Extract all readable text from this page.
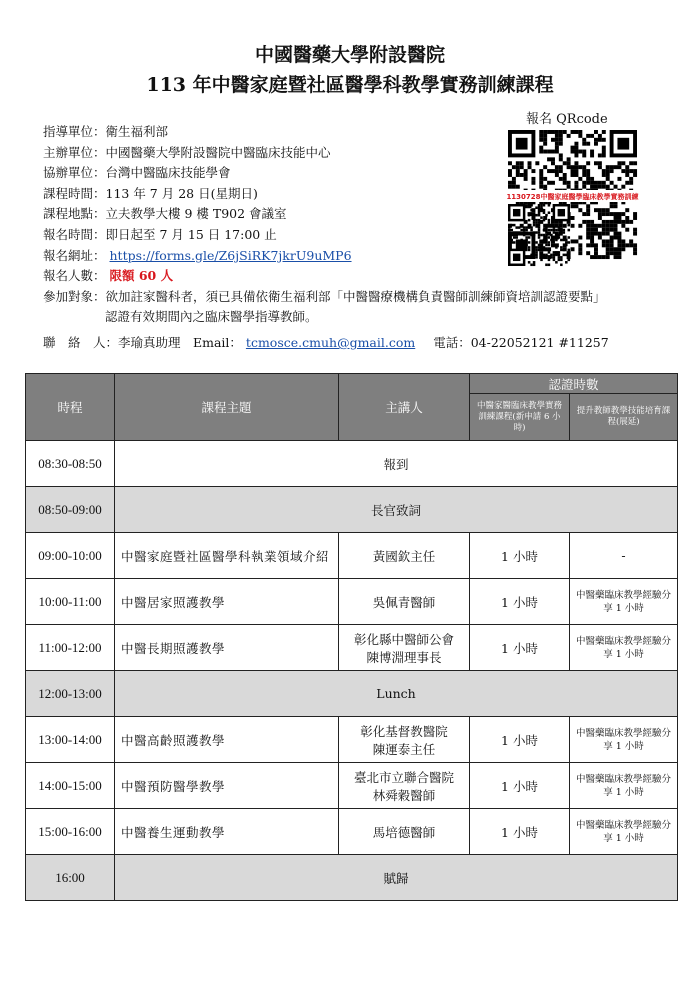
中國醫藥大學附設醫院
113 年中醫家庭暨社區醫學科教學實務訓練課程
指導單位：衛生福利部
主辦單位：中國醫藥大學附設醫院中醫臨床技能中心
協辦單位：台灣中醫臨床技能學會
課程時間：113 年 7 月 28 日(星期日)
課程地點：立夫教學大樓 9 樓 T902 會議室
報名時間：即日起至 7 月 15 日 17:00 止
報名網址： https://forms.gle/Z6jSiRK7jkrU9uMP6
報名人數： 限額 60 人
參加對象：欲加註家醫科者，須已具備依衛生福利部「中醫醫療機構負責醫師訓練師資培訓認證要點」
認證有效期間內之臨床醫學指導教師。
聯　絡　人：李瑜真助理　Email： tcmosce.cmuh@gmail.com 電話：04-22052121 #11257
報名 QRcode
1130728中醫家庭醫學臨床教學實務訓練
時程	課程主題	主講人	認證時數	
			中醫家醫臨床教學實務訓練課程(新申請 6 小時)	提升教師教學技能培育課程(展延)
08:30-08:50	報到			
08:50-09:00	長官致詞			
09:00-10:00	中醫家庭暨社區醫學科執業領域介紹	黃國欽主任	1 小時	-
10:00-11:00	中醫居家照護教學	吳佩青醫師	1 小時	中醫藥臨床教學經驗分享 1 小時
11:00-12:00	中醫長期照護教學	彰化縣中醫師公會
陳博淵理事長	1 小時	中醫藥臨床教學經驗分享 1 小時
12:00-13:00	Lunch			
13:00-14:00	中醫高齡照護教學	彰化基督教醫院
陳運泰主任	1 小時	中醫藥臨床教學經驗分享 1 小時
14:00-15:00	中醫預防醫學教學	臺北市立聯合醫院
林舜穀醫師	1 小時	中醫藥臨床教學經驗分享 1 小時
15:00-16:00	中醫養生運動教學	馬培德醫師	1 小時	中醫藥臨床教學經驗分享 1 小時
16:00	賦歸			
